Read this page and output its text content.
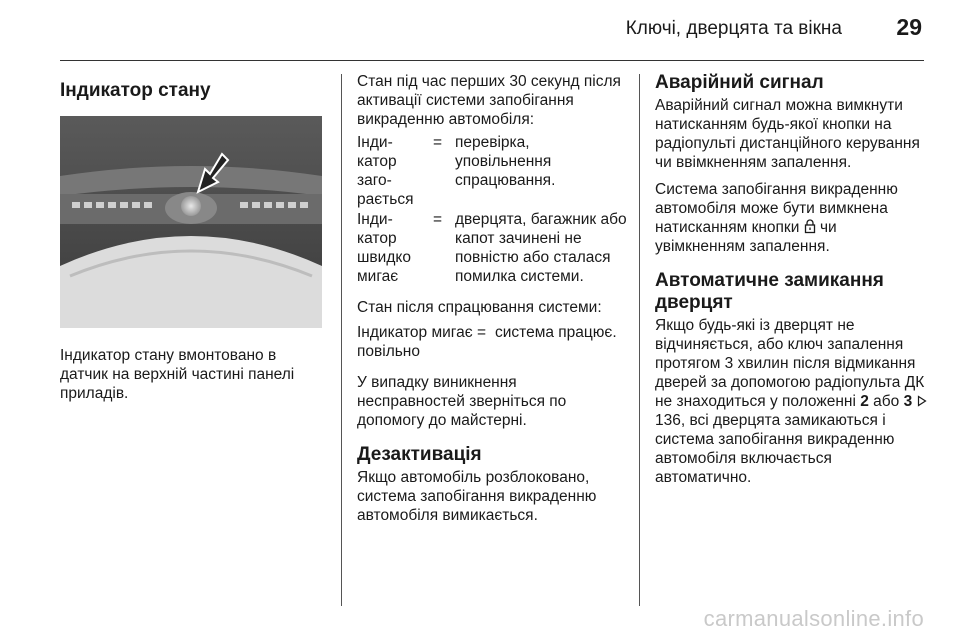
Ключі, дверцята та вікна 29
Індикатор стану

Індикатор стану вмонтовано в датчик на верхній частині панелі приладів.

Стан під час перших 30 секунд після активації системи запобігання викраденню автомобіля:

Інди- катор заго- рається
= перевірка, уповільнення спрацювання.
Інди- катор швидко мигає
= дверцята, багажник або капот зачинені не повністю або сталася помилка системи.

Стан після спрацювання системи:

Індикатор мигає повільно
= система працює.

У випадку виникнення несправностей зверніться по допомогу до майстерні.

Дезактивація

Якщо автомобіль розблоковано, система запобігання викраденню автомобіля вимикається.

Аварійний сигнал

Аварійний сигнал можна вимкнути натисканням будь-якої кнопки на радіопульті дистанційного керування чи ввімкненням запалення.

Система запобігання викраденню автомобіля може бути вимкнена натисканням кнопки чи увімкненням запалення.

Автоматичне замикання дверцят

Якщо будь-які із дверцят не відчиняється, або ключ запалення протягом 3 хвилин після відмикання дверей за допомогою радіопульта ДК не знаходиться у положенні 2 або 3  136, всі дверцята замикаються і система запобігання викраденню автомобіля включається автоматично.

carmanualsonline.info
